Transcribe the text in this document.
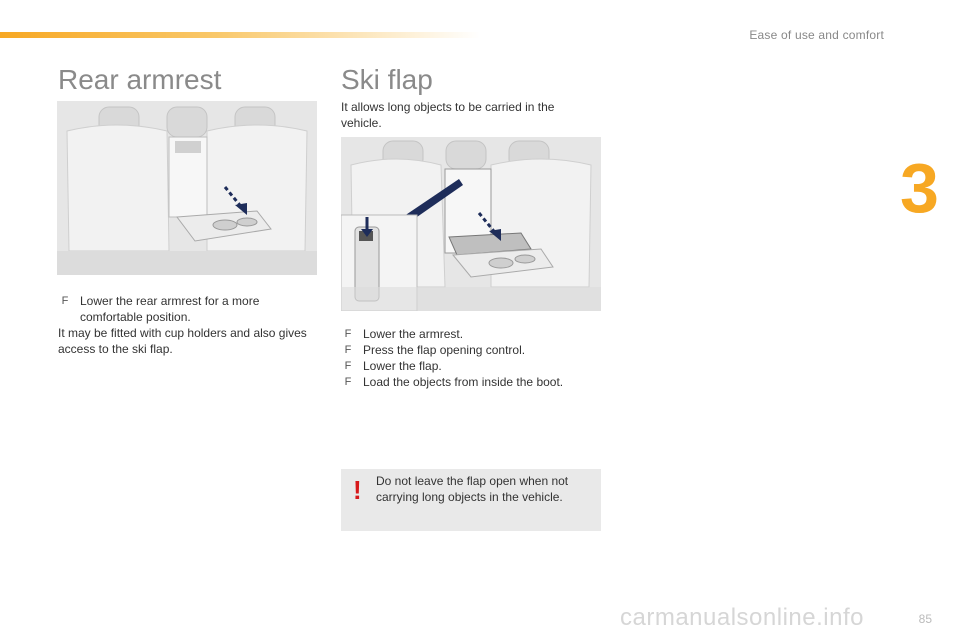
Ease of use and comfort
3
Rear armrest
F Lower the rear armrest for a more comfortable position.
It may be fitted with cup holders and also gives access to the ski flap.
Ski flap
It allows long objects to be carried in the vehicle.
F Lower the armrest.
F Press the flap opening control.
F Lower the flap.
F Load the objects from inside the boot.
! Do not leave the flap open when not carrying long objects in the vehicle.
carmanualsonline.info	85
